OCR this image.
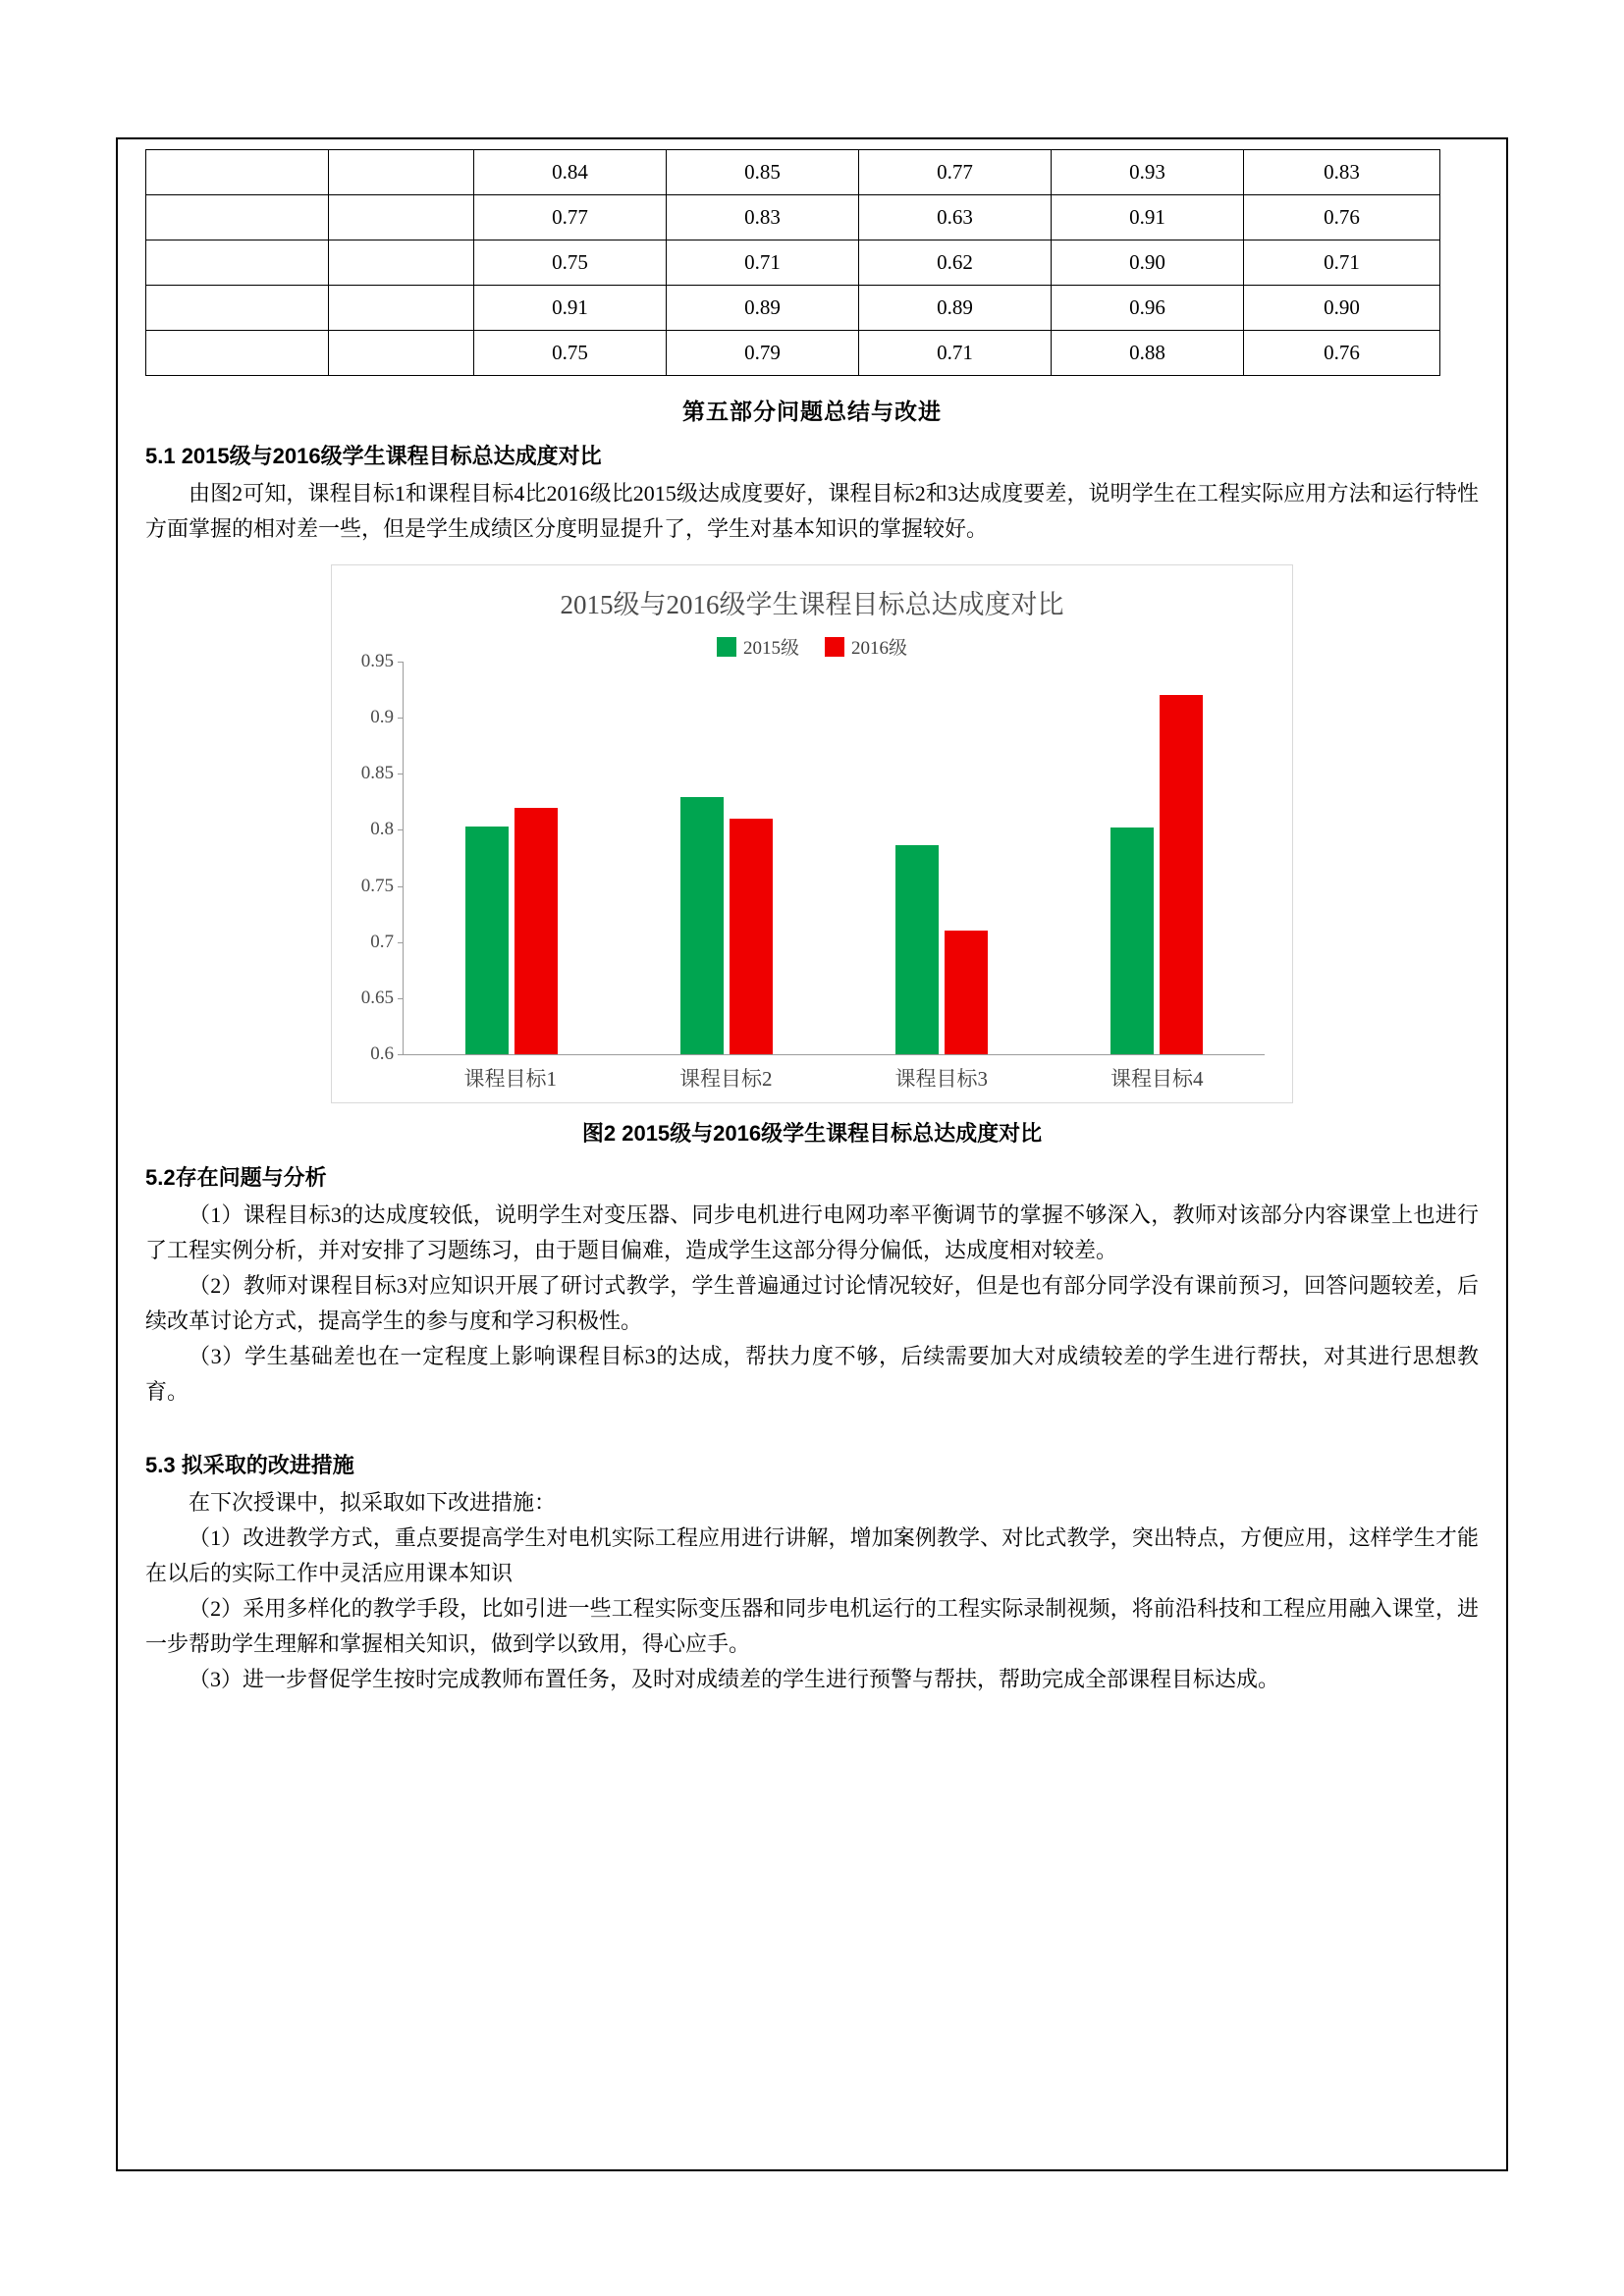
		0.84	0.85	0.77	0.93	0.83
		0.77	0.83	0.63	0.91	0.76
		0.75	0.71	0.62	0.90	0.71
		0.91	0.89	0.89	0.96	0.90
		0.75	0.79	0.71	0.88	0.76
第五部分问题总结与改进
5.1 2015级与2016级学生课程目标总达成度对比

由图2可知，课程目标1和课程目标4比2016级比2015级达成度要好，课程目标2和3达成度要差，说明学生在工程实际应用方法和运行特性方面掌握的相对差一些，但是学生成绩区分度明显提升了，学生对基本知识的掌握较好。

2015级与2016级学生课程目标总达成度对比
2015级	2016级
0.95
0.9
0.85
0.8
0.75
0.7
0.65
0.6
课程目标1	课程目标2	课程目标3	课程目标4
图2 2015级与2016级学生课程目标总达成度对比
5.2存在问题与分析

（1）课程目标3的达成度较低，说明学生对变压器、同步电机进行电网功率平衡调节的掌握不够深入，教师对该部分内容课堂上也进行了工程实例分析，并对安排了习题练习，由于题目偏难，造成学生这部分得分偏低，达成度相对较差。

（2）教师对课程目标3对应知识开展了研讨式教学，学生普遍通过讨论情况较好，但是也有部分同学没有课前预习，回答问题较差，后续改革讨论方式，提高学生的参与度和学习积极性。

（3）学生基础差也在一定程度上影响课程目标3的达成，帮扶力度不够，后续需要加大对成绩较差的学生进行帮扶，对其进行思想教育。

5.3 拟采取的改进措施

在下次授课中，拟采取如下改进措施：

（1）改进教学方式，重点要提高学生对电机实际工程应用进行讲解，增加案例教学、对比式教学，突出特点，方便应用，这样学生才能在以后的实际工作中灵活应用课本知识

（2）采用多样化的教学手段，比如引进一些工程实际变压器和同步电机运行的工程实际录制视频，将前沿科技和工程应用融入课堂，进一步帮助学生理解和掌握相关知识，做到学以致用，得心应手。

（3）进一步督促学生按时完成教师布置任务，及时对成绩差的学生进行预警与帮扶，帮助完成全部课程目标达成。
